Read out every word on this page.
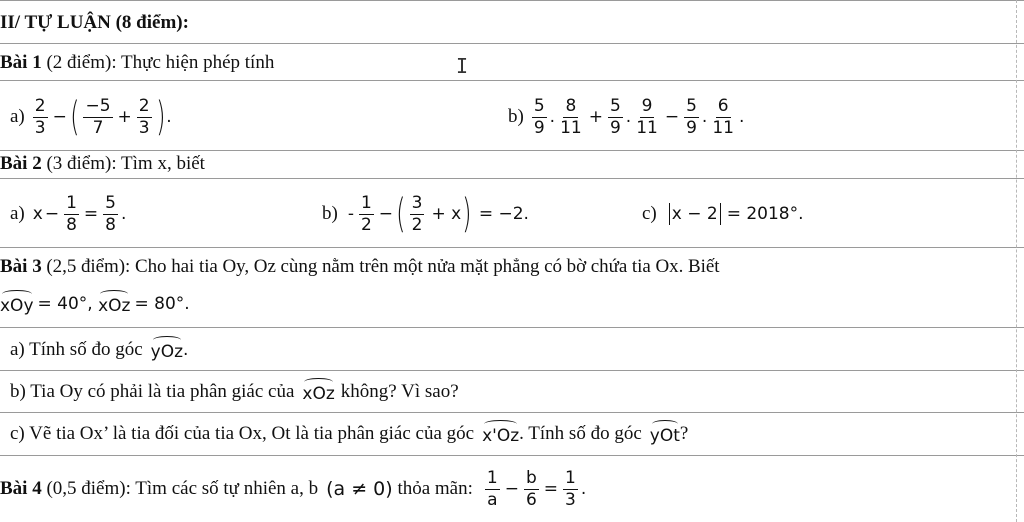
I
II/ TỰ LUẬN (8 điểm):
Bài 1 (2 điểm): Thực hiện phép tính
$a) \frac{2}{3}$ − ( $\frac{-5}{7} + \frac{2}{3}$ ) .	$b) \frac{5}{9}$ . $\frac{8}{11} + \frac{5}{9}$ . $\frac{9}{11} - \frac{5}{9}$ . $\frac{6}{11}$ .
Bài 2 (3 điểm): Tìm x, biết
a) $x - \frac{1}{8} = \frac{5}{8}$ .	$b) - \frac{1}{2}$ − ( $\frac{3}{2} + x$ ) = −2.	c) x − 2 = 2018°.
Bài 3 (2,5 điểm): Cho hai tia Oy, Oz cùng nằm trên một nửa mặt phẳng có bờ chứa tia Ox. Biết
xOy = 40°, xOz = 80°.
a) Tính số đo góc yOz .
b) Tia Oy có phải là tia phân giác của xOz không? Vì sao?
c) Vẽ tia Ox’ là tia đối của tia Ox, Ot là tia phân giác của góc x'Oz . Tính số đo góc yOt ?
Bài 4 (0,5 điểm): Tìm các số tự nhiên a, b (a ≠ 0) thỏa mãn: $\frac{1}{a} - \frac{b}{6} = \frac{1}{3}$ .
